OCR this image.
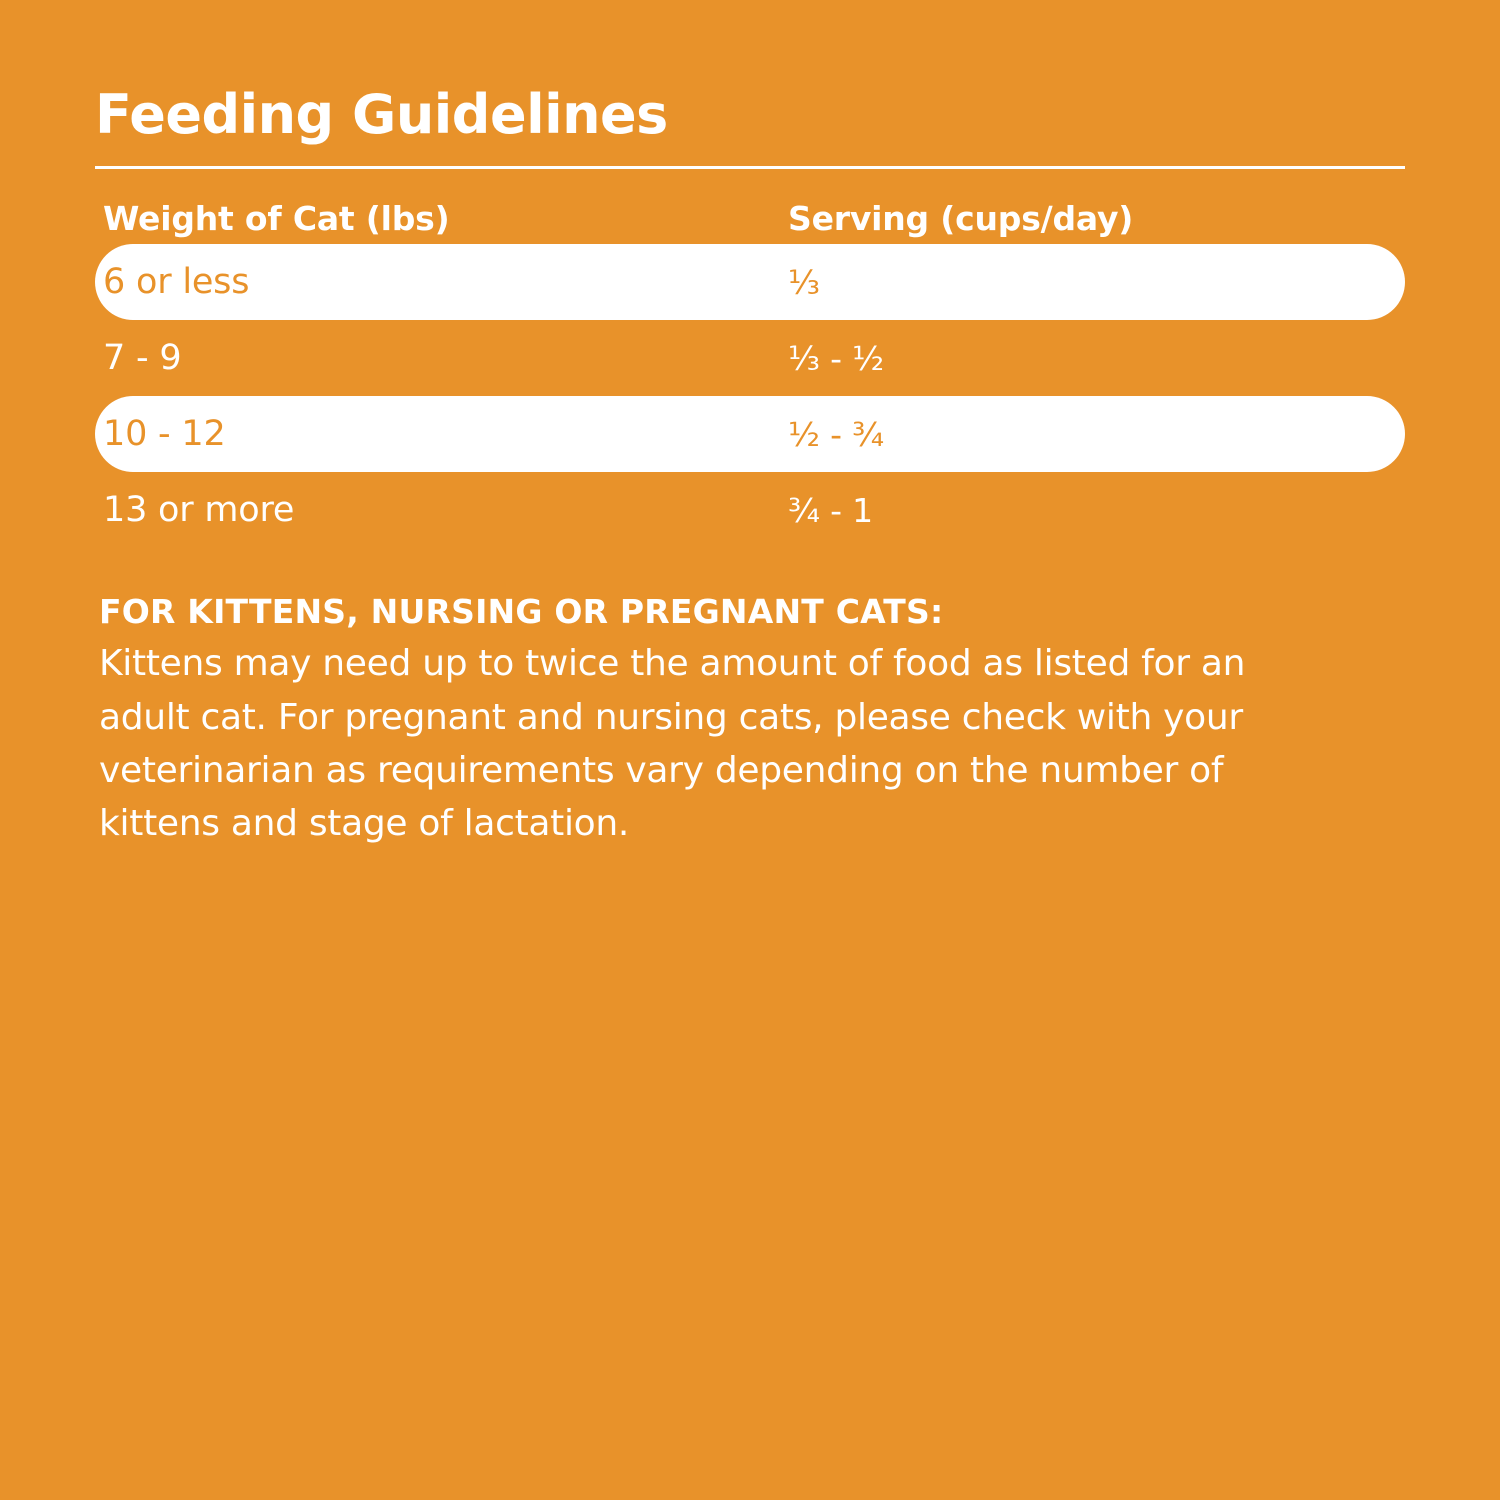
Feeding Guidelines
Weight of Cat (lbs)	Serving (cups/day)
6 or less	⅓
7 - 9	⅓ - ½
10 - 12	½ - ¾
13 or more	¾ - 1
FOR KITTENS, NURSING OR PREGNANT CATS:

Kittens may need up to twice the amount of food as listed for an adult cat. For pregnant and nursing cats, please check with your veterinarian as requirements vary depending on the number of kittens and stage of lactation.
